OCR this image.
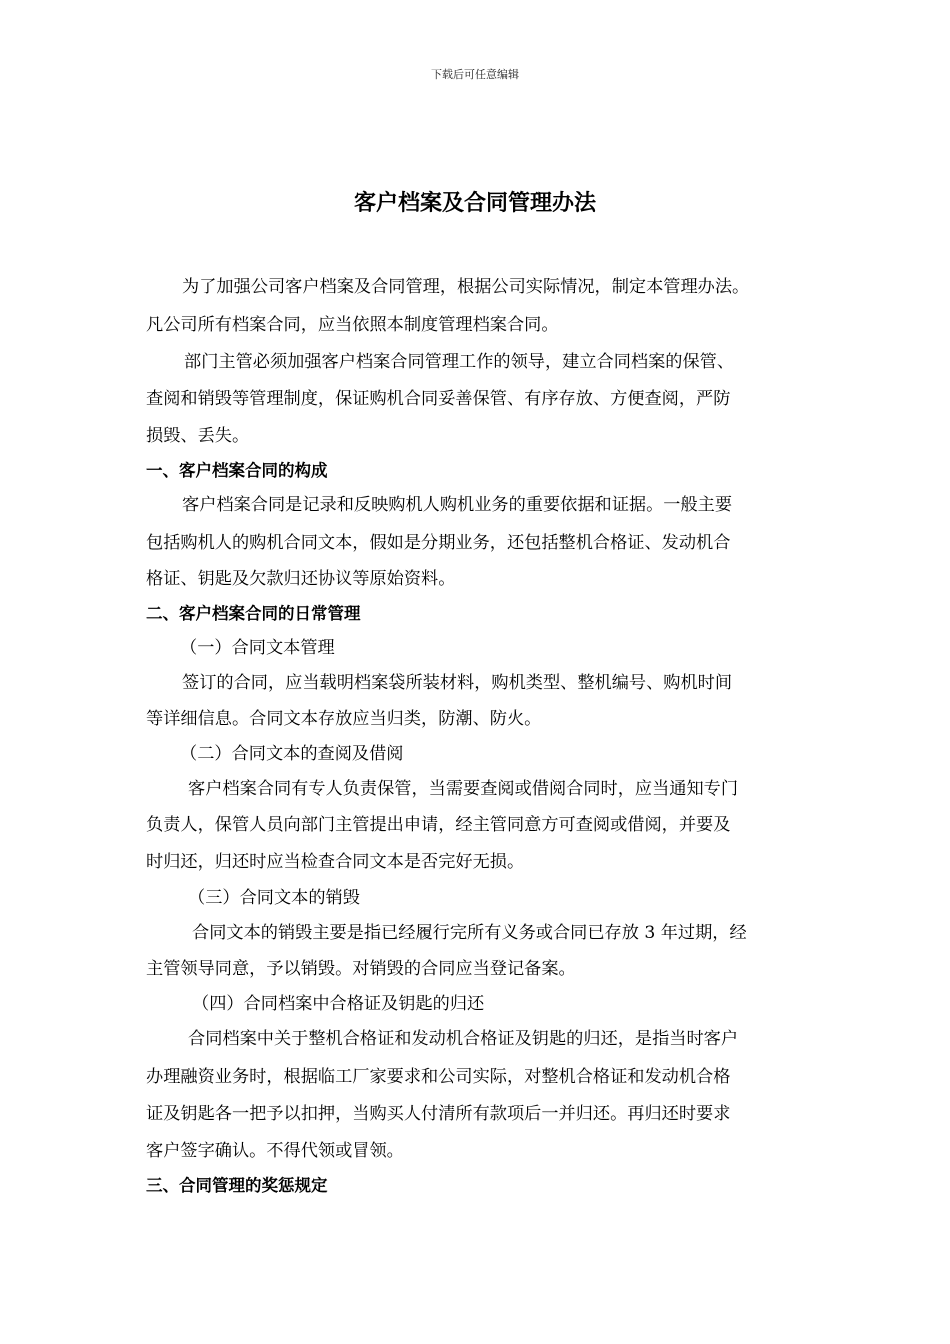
下载后可任意编辑
客户档案及合同管理办法
为了加强公司客户档案及合同管理，根据公司实际情况，制定本管理办法。
凡公司所有档案合同，应当依照本制度管理档案合同。
部门主管必须加强客户档案合同管理工作的领导，建立合同档案的保管、
查阅和销毁等管理制度，保证购机合同妥善保管、有序存放、方便查阅，严防
损毁、丢失。
一、客户档案合同的构成
客户档案合同是记录和反映购机人购机业务的重要依据和证据。一般主要
包括购机人的购机合同文本，假如是分期业务，还包括整机合格证、发动机合
格证、钥匙及欠款归还协议等原始资料。
二、客户档案合同的日常管理
（一）合同文本管理
签订的合同，应当载明档案袋所装材料，购机类型、整机编号、购机时间
等详细信息。合同文本存放应当归类，防潮、防火。
（二）合同文本的查阅及借阅
客户档案合同有专人负责保管，当需要查阅或借阅合同时，应当通知专门
负责人，保管人员向部门主管提出申请，经主管同意方可查阅或借阅，并要及
时归还，归还时应当检查合同文本是否完好无损。
（三）合同文本的销毁
合同文本的销毁主要是指已经履行完所有义务或合同已存放 3 年过期，经
主管领导同意，予以销毁。对销毁的合同应当登记备案。
（四）合同档案中合格证及钥匙的归还
合同档案中关于整机合格证和发动机合格证及钥匙的归还，是指当时客户
办理融资业务时，根据临工厂家要求和公司实际，对整机合格证和发动机合格
证及钥匙各一把予以扣押，当购买人付清所有款项后一并归还。再归还时要求
客户签字确认。不得代领或冒领。
三、合同管理的奖惩规定
